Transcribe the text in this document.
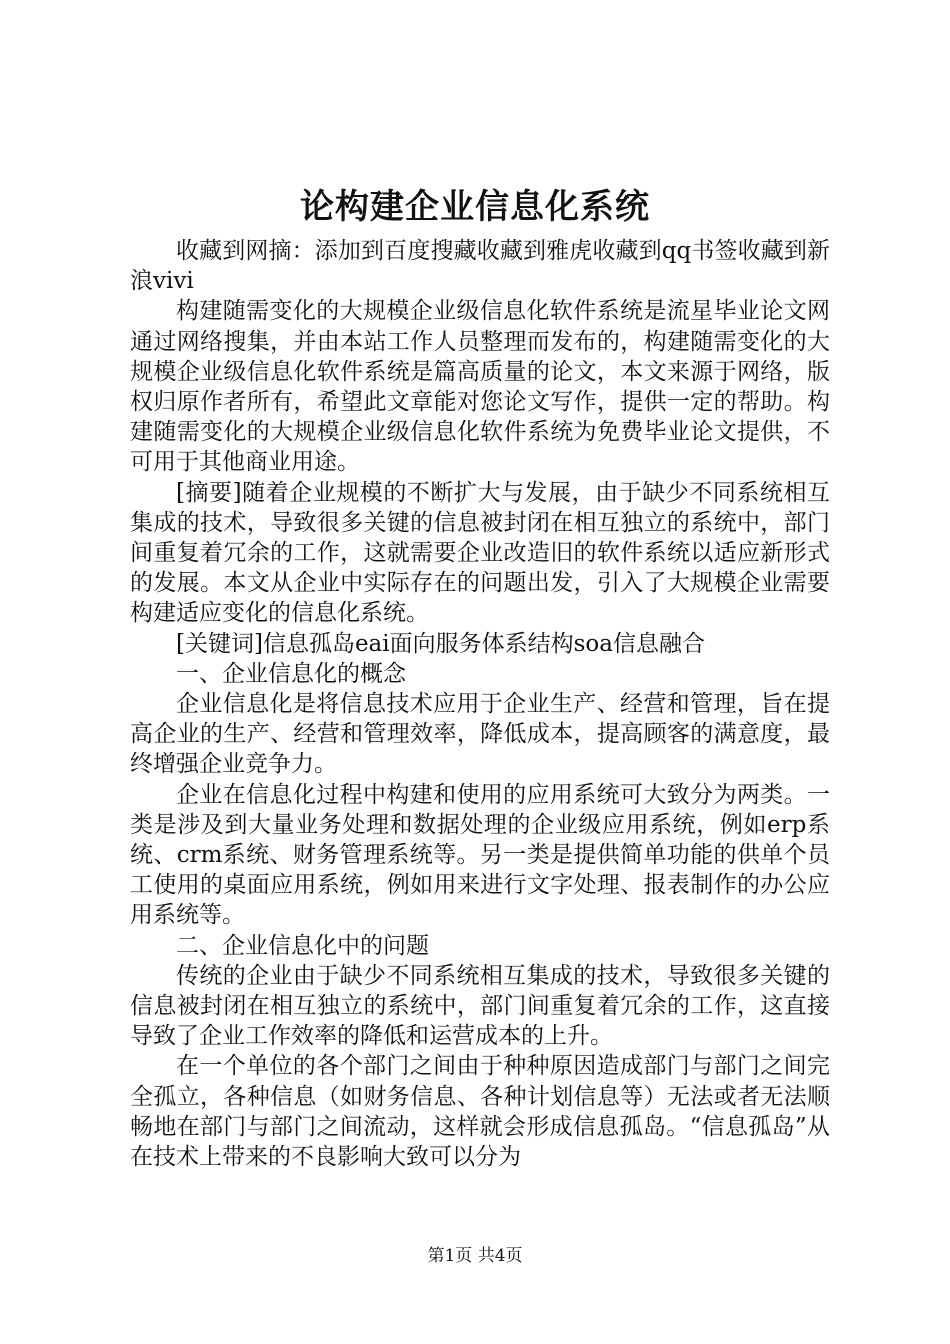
论构建企业信息化系统

收藏到网摘：添加到百度搜藏收藏到雅虎收藏到qq书签收藏到新浪vivi

构建随需变化的大规模企业级信息化软件系统是流星毕业论文网通过网络搜集，并由本站工作人员整理而发布的，构建随需变化的大规模企业级信息化软件系统是篇高质量的论文，本文来源于网络，版权归原作者所有，希望此文章能对您论文写作，提供一定的帮助。构建随需变化的大规模企业级信息化软件系统为免费毕业论文提供，不可用于其他商业用途。

[摘要]随着企业规模的不断扩大与发展，由于缺少不同系统相互集成的技术，导致很多关键的信息被封闭在相互独立的系统中，部门间重复着冗余的工作，这就需要企业改造旧的软件系统以适应新形式的发展。本文从企业中实际存在的问题出发，引入了大规模企业需要构建适应变化的信息化系统。

[关键词]信息孤岛eai面向服务体系结构soa信息融合

一、企业信息化的概念

企业信息化是将信息技术应用于企业生产、经营和管理，旨在提高企业的生产、经营和管理效率，降低成本，提高顾客的满意度，最终增强企业竞争力。

企业在信息化过程中构建和使用的应用系统可大致分为两类。一类是涉及到大量业务处理和数据处理的企业级应用系统，例如erp系统、crm系统、财务管理系统等。另一类是提供简单功能的供单个员工使用的桌面应用系统，例如用来进行文字处理、报表制作的办公应用系统等。

二、企业信息化中的问题

传统的企业由于缺少不同系统相互集成的技术，导致很多关键的信息被封闭在相互独立的系统中，部门间重复着冗余的工作，这直接导致了企业工作效率的降低和运营成本的上升。

在一个单位的各个部门之间由于种种原因造成部门与部门之间完全孤立，各种信息（如财务信息、各种计划信息等）无法或者无法顺畅地在部门与部门之间流动，这样就会形成信息孤岛。“信息孤岛”从在技术上带来的不良影响大致可以分为

第1页 共4页
